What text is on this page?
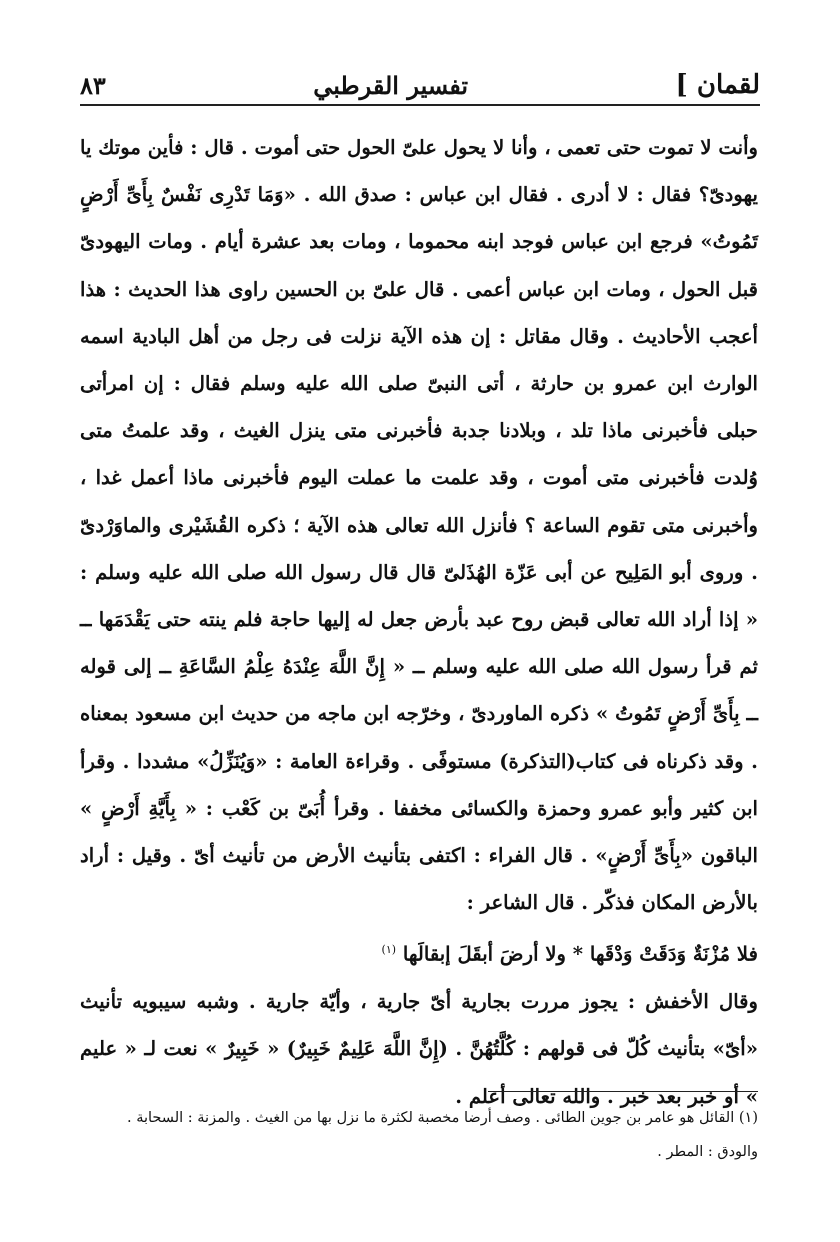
لقمان ]
تفسير القرطبي
٨٣

وأنت لا تموت حتى تعمى ، وأنا لا يحول علىّ الحول حتى أموت . قال : فأين موتك يا يهودىّ؟ فقال : لا أدرى . فقال ابن عباس : صدق الله . «وَمَا تَدْرِى نَفْسٌ بِأَىِّ أَرْضٍ تَمُوتُ» فرجع ابن عباس فوجد ابنه محموما ، ومات بعد عشرة أيام . ومات اليهودىّ قبل الحول ، ومات ابن عباس أعمى . قال علىّ بن الحسين راوى هذا الحديث : هذا أعجب الأحاديث . وقال مقاتل : إن هذه الآية نزلت فى رجل من أهل البادية اسمه الوارث ابن عمرو بن حارثة ، أتى النبىّ صلى الله عليه وسلم فقال : إن امرأتى حبلى فأخبرنى ماذا تلد ، وبلادنا جدبة فأخبرنى متى ينزل الغيث ، وقد علمتُ متى وُلدت فأخبرنى متى أموت ، وقد علمت ما عملت اليوم فأخبرنى ماذا أعمل غدا ، وأخبرنى متى تقوم الساعة ؟ فأنزل الله تعالى هذه الآية ؛ ذكره القُشَيْرى والماوَرْدىّ . وروى أبو المَلِيح عن أبى عَزّة الهُذَلىّ قال قال رسول الله صلى الله عليه وسلم : « إذا أراد الله تعالى قبض روح عبد بأرض جعل له إليها حاجة فلم ينته حتى يَقْدَمَها ــ ثم قرأ رسول الله صلى الله عليه وسلم ــ « إِنَّ اللَّهَ عِنْدَهُ عِلْمُ السَّاعَةِ ــ إلى قوله ــ بِأَىِّ أَرْضٍ تَمُوتُ » ذكره الماوردىّ ، وخرّجه ابن ماجه من حديث ابن مسعود بمعناه . وقد ذكرناه فى كتاب(التذكرة) مستوفًى . وقراءة العامة : «وَيُنَزِّلُ» مشددا . وقرأ ابن كثير وأبو عمرو وحمزة والكسائى مخففا . وقرأ أُبَىّ بن كَعْب : « بِأَيَّةِ أَرْضٍ » الباقون «بِأَىِّ أَرْضٍ» . قال الفراء : اكتفى بتأنيث الأرض من تأنيث أىّ . وقيل : أراد بالأرض المكان فذكّر . قال الشاعر :

فلا مُزْنَةٌ وَدَقَتْ وَدْقَها * ولا أرضَ أبقَلَ إبقالَها $^{(١)}$

وقال الأخفش : يجوز مررت بجارية أىّ جارية ، وأيّة جارية . وشبه سيبويه تأنيث «أىّ» بتأنيث كُلّ فى قولهم : كُلَّتُهُنَّ . (إِنَّ اللَّهَ عَلِيمٌ خَبِيرٌ) « خَبِيرٌ » نعت لـ « عليم » أو خبر بعد خبر . والله تعالى أعلم .

(١) القائل هو عامر بن جوين الطائى . وصف أرضا مخصبة لكثرة ما نزل بها من الغيث . والمزنة : السحابة .

والودق : المطر .
